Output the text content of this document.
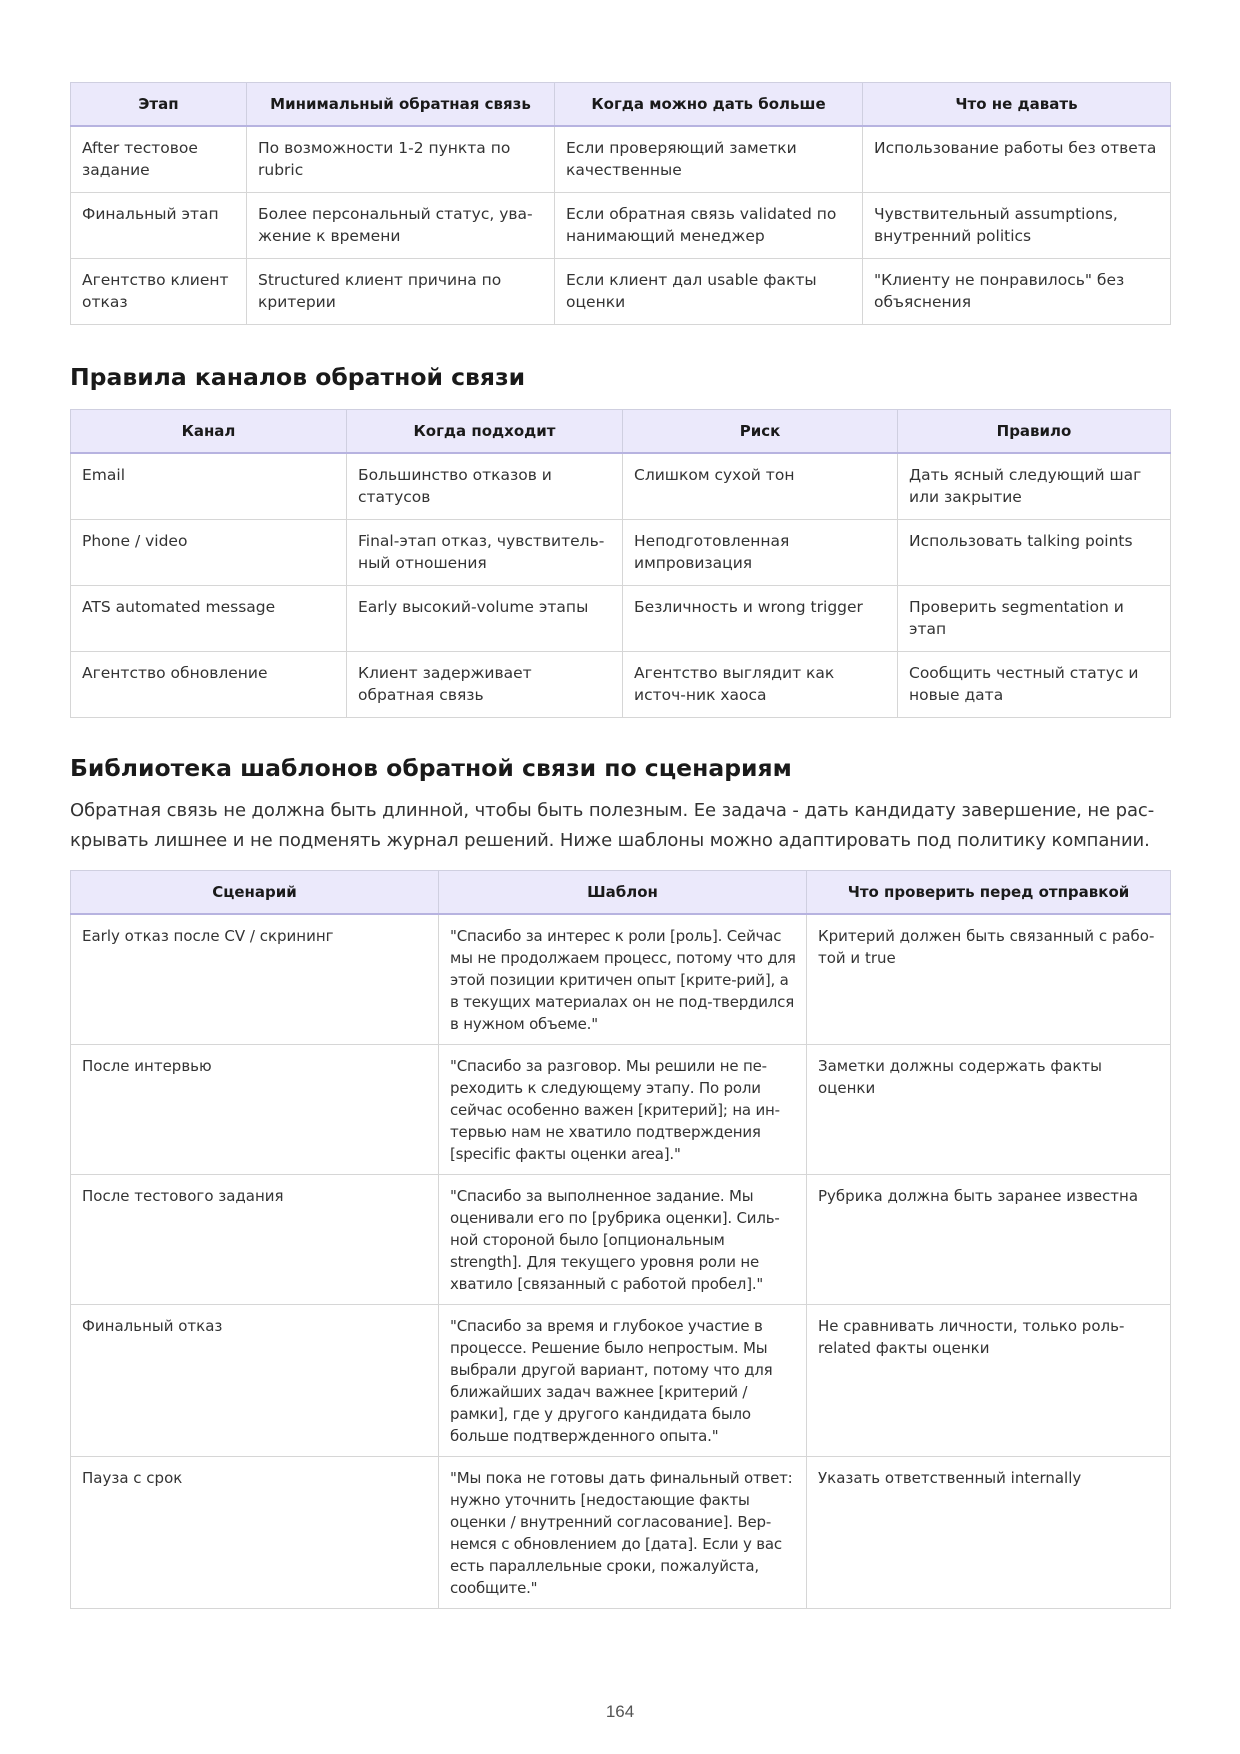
Этап	Минимальный обратная связь	Когда можно дать больше	Что не давать
After тестовое задание	По возможности 1-2 пункта по rubric	Если проверяющий заметки качественные	Использование работы без ответа
Финальный этап	Более персональный статус, ува-жение к времени	Если обратная связь validated по нанимающий менеджер	Чувствительный assumptions, внутренний politics
Агентство клиент отказ	Structured клиент причина по критерии	Если клиент дал usable факты оценки	"Клиенту не понравилось" без объяснения
Правила каналов обратной связи
Канал	Когда подходит	Риск	Правило
Email	Большинство отказов и статусов	Слишком сухой тон	Дать ясный следующий шаг или закрытие
Phone / video	Final-этап отказ, чувствитель-ный отношения	Неподготовленная импровизация	Использовать talking points
ATS automated message	Early высокий-volume этапы	Безличность и wrong trigger	Проверить segmentation и этап
Агентство обновление	Клиент задерживает обратная связь	Агентство выглядит как источ-ник хаоса	Сообщить честный статус и новые дата
Библиотека шаблонов обратной связи по сценариям

Обратная связь не должна быть длинной, чтобы быть полезным. Ее задача - дать кандидату завершение, не рас-крывать лишнее и не подменять журнал решений. Ниже шаблоны можно адаптировать под политику компании.

Сценарий	Шаблон	Что проверить перед отправкой
Early отказ после CV / скрининг	"Спасибо за интерес к роли [роль]. Сейчас мы не продолжаем процесс, потому что для этой позиции критичен опыт [крите-рий], а в текущих материалах он не под-твердился в нужном объеме."	Критерий должен быть связанный с рабо-той и true
После интервью	"Спасибо за разговор. Мы решили не пе-реходить к следующему этапу. По роли сейчас особенно важен [критерий]; на ин-тервью нам не хватило подтверждения [specific факты оценки area]."	Заметки должны содержать факты оценки
После тестового задания	"Спасибо за выполненное задание. Мы оценивали его по [рубрика оценки]. Силь-ной стороной было [опциональным strength]. Для текущего уровня роли не хватило [связанный с работой пробел]."	Рубрика должна быть заранее известна
Финальный отказ	"Спасибо за время и глубокое участие в процессе. Решение было непростым. Мы выбрали другой вариант, потому что для ближайших задач важнее [критерий / рамки], где у другого кандидата было больше подтвержденного опыта."	Не сравнивать личности, только роль-related факты оценки
Пауза с срок	"Мы пока не готовы дать финальный ответ: нужно уточнить [недостающие факты оценки / внутренний согласование]. Вер-немся с обновлением до [дата]. Если у вас есть параллельные сроки, пожалуйста, сообщите."	Указать ответственный internally
164
